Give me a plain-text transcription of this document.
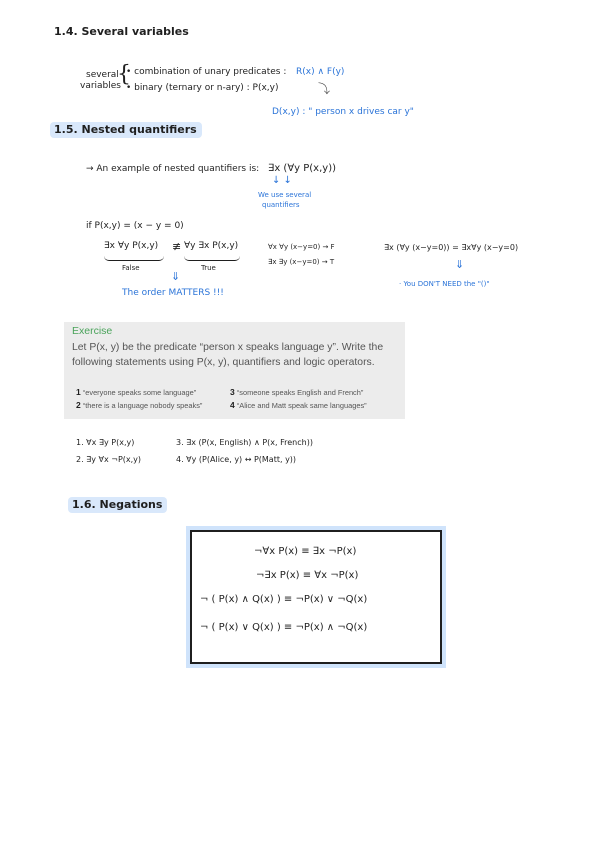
1.4. Several variables
several
variables
{
• combination of unary predicates : R(x) ∧ F(y)
• binary (ternary or n-ary) : P(x,y)	⤵
D(x,y) : " person x drives car y"
1.5. Nested quantifiers
→ An example of nested quantifiers is: ∃x (∀y P(x,y))
↓ ↓
We use several
quantifiers
if P(x,y) = (x − y = 0)
∃x ∀y P(x,y) ≢ ∀y ∃x P(x,y)
False	True
⇓
The order MATTERS !!!
∀x ∀y (x−y=0) → F
∃x ∃y (x−y=0) → T
∃x (∀y (x−y=0)) = ∃x∀y (x−y=0)
⇓
· You DON'T NEED the "()"
Exercise
Let P(x, y) be the predicate “person x speaks language y”. Write the following statements using P(x, y), quantifiers and logic operators.
1 “everyone speaks some language”	3 “someone speaks English and French”
2 “there is a language nobody speaks”	4 “Alice and Matt speak same languages”
1. ∀x ∃y P(x,y)
2. ∃y ∀x ¬P(x,y)
3. ∃x (P(x, English) ∧ P(x, French))
4. ∀y (P(Alice, y) ↔ P(Matt, y))
1.6. Negations
¬∀x P(x) ≡ ∃x ¬P(x)
¬∃x P(x) ≡ ∀x ¬P(x)
¬ ( P(x) ∧ Q(x) ) ≡ ¬P(x) ∨ ¬Q(x)
¬ ( P(x) ∨ Q(x) ) ≡ ¬P(x) ∧ ¬Q(x)
